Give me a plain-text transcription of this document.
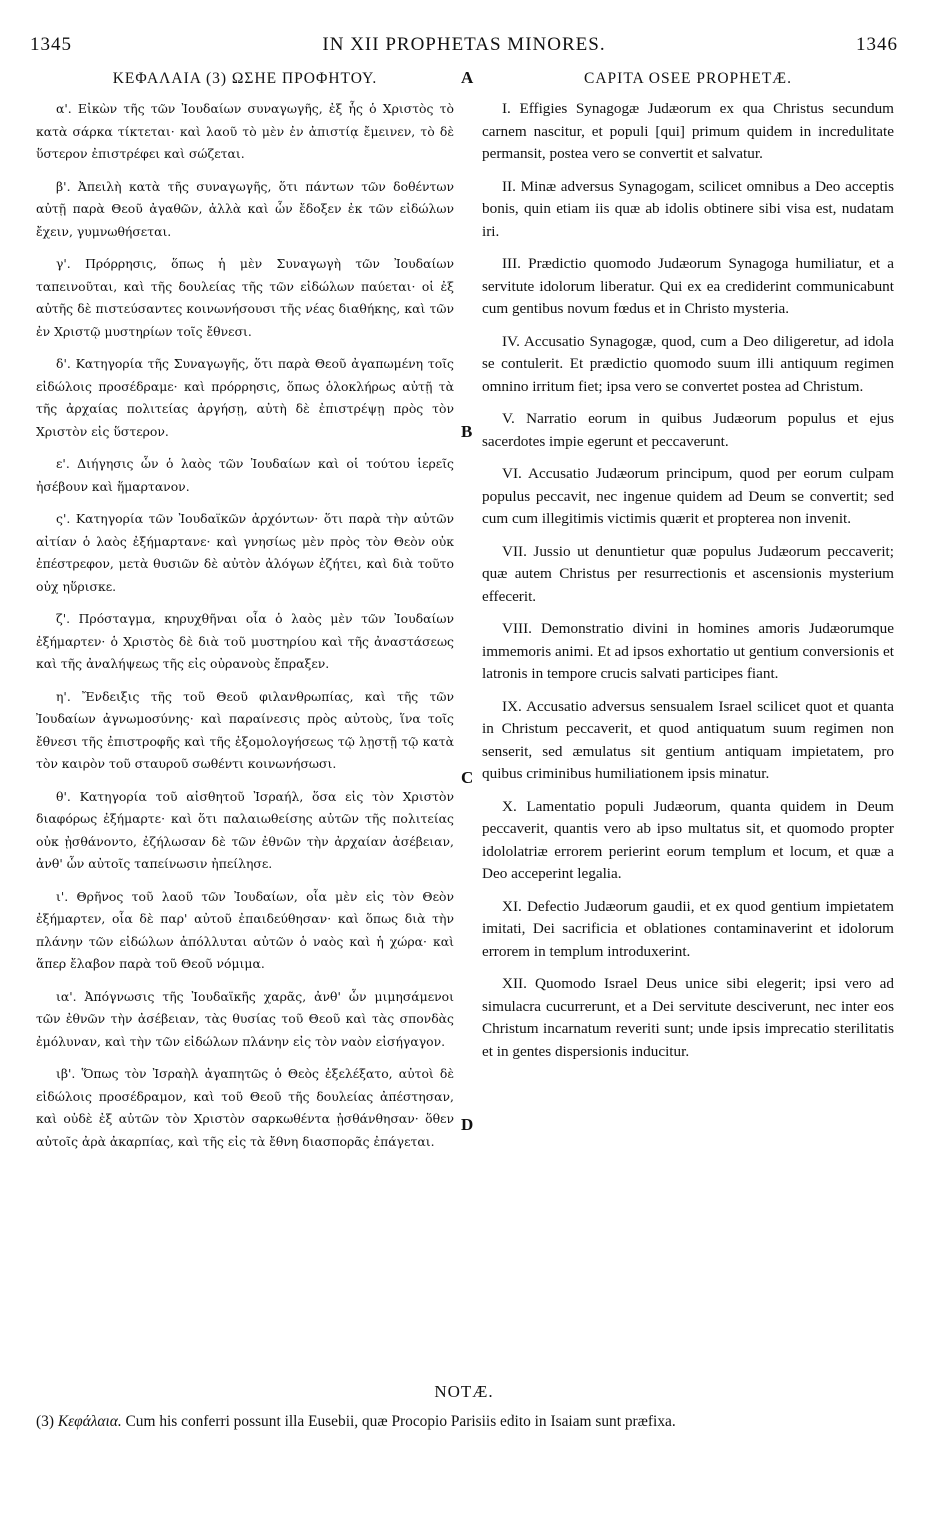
1345	IN XII PROPHETAS MINORES.	1346
ΚΕΦΑΛΑΙΑ (3) ΩΣΗΕ ΠΡΟΦΗΤΟΥ.

α'. Εἰκὼν τῆς τῶν Ἰουδαίων συναγωγῆς, ἐξ ἧς ὁ Χριστὸς τὸ κατὰ σάρκα τίκτεται· καὶ λαοῦ τὸ μὲν ἐν ἀπιστίᾳ ἔμεινεν, τὸ δὲ ὕστερον ἐπιστρέφει καὶ σώζεται.

β'. Ἀπειλὴ κατὰ τῆς συναγωγῆς, ὅτι πάντων τῶν δοθέντων αὐτῇ παρὰ Θεοῦ ἀγαθῶν, ἀλλὰ καὶ ὧν ἔδοξεν ἐκ τῶν εἰδώλων ἔχειν, γυμνωθήσεται.

γ'. Πρόρρησις, ὅπως ἡ μὲν Συναγωγὴ τῶν Ἰουδαίων ταπεινοῦται, καὶ τῆς δουλείας τῆς τῶν εἰδώλων παύεται· οἱ ἐξ αὐτῆς δὲ πιστεύσαντες κοινωνήσουσι τῆς νέας διαθήκης, καὶ τῶν ἐν Χριστῷ μυστηρίων τοῖς ἔθνεσι.

δ'. Κατηγορία τῆς Συναγωγῆς, ὅτι παρὰ Θεοῦ ἀγαπωμένη τοῖς εἰδώλοις προσέδραμε· καὶ πρόρρησις, ὅπως ὁλοκλήρως αὐτῇ τὰ τῆς ἀρχαίας πολιτείας ἀργήσῃ, αὐτὴ δὲ ἐπιστρέψῃ πρὸς τὸν Χριστὸν εἰς ὕστερον.

ε'. Διήγησις ὧν ὁ λαὸς τῶν Ἰουδαίων καὶ οἱ τούτου ἱερεῖς ἠσέβουν καὶ ἥμαρτανον.

ς'. Κατηγορία τῶν Ἰουδαϊκῶν ἀρχόντων· ὅτι παρὰ τὴν αὐτῶν αἰτίαν ὁ λαὸς ἐξήμαρτανε· καὶ γνησίως μὲν πρὸς τὸν Θεὸν οὐκ ἐπέστρεφον, μετὰ θυσιῶν δὲ αὐτὸν ἀλόγων ἐζήτει, καὶ διὰ τοῦτο οὐχ ηὕρισκε.

ζ'. Πρόσταγμα, κηρυχθῆναι οἷα ὁ λαὸς μὲν τῶν Ἰουδαίων ἐξήμαρτεν· ὁ Χριστὸς δὲ διὰ τοῦ μυστηρίου καὶ τῆς ἀναστάσεως καὶ τῆς ἀναλήψεως τῆς εἰς οὐρανοὺς ἔπραξεν.

η'. Ἔνδειξις τῆς τοῦ Θεοῦ φιλανθρωπίας, καὶ τῆς τῶν Ἰουδαίων ἀγνωμοσύνης· καὶ παραίνεσις πρὸς αὐτοὺς, ἵνα τοῖς ἔθνεσι τῆς ἐπιστροφῆς καὶ τῆς ἐξομολογήσεως τῷ λῃστῇ τῷ κατὰ τὸν καιρὸν τοῦ σταυροῦ σωθέντι κοινωνήσωσι.

θ'. Κατηγορία τοῦ αἰσθητοῦ Ἰσραήλ, ὅσα εἰς τὸν Χριστὸν διαφόρως ἐξήμαρτε· καὶ ὅτι παλαιωθείσης αὐτῶν τῆς πολιτείας οὐκ ᾐσθάνοντο, ἐζήλωσαν δὲ τῶν ἐθνῶν τὴν ἀρχαίαν ἀσέβειαν, ἀνθ' ὧν αὐτοῖς ταπείνωσιν ἠπείλησε.

ι'. Θρῆνος τοῦ λαοῦ τῶν Ἰουδαίων, οἷα μὲν εἰς τὸν Θεὸν ἐξήμαρτεν, οἷα δὲ παρ' αὐτοῦ ἐπαιδεύθησαν· καὶ ὅπως διὰ τὴν πλάνην τῶν εἰδώλων ἀπόλλυται αὐτῶν ὁ ναὸς καὶ ἡ χώρα· καὶ ἅπερ ἔλαβον παρὰ τοῦ Θεοῦ νόμιμα.

ια'. Ἀπόγνωσις τῆς Ἰουδαϊκῆς χαρᾶς, ἀνθ' ὧν μιμησάμενοι τῶν ἐθνῶν τὴν ἀσέβειαν, τὰς θυσίας τοῦ Θεοῦ καὶ τὰς σπονδὰς ἐμόλυναν, καὶ τὴν τῶν εἰδώλων πλάνην εἰς τὸν ναὸν εἰσήγαγον.

ιβ'. Ὅπως τὸν Ἰσραὴλ ἀγαπητῶς ὁ Θεὸς ἐξελέξατο, αὐτοὶ δὲ εἰδώλοις προσέδραμον, καὶ τοῦ Θεοῦ τῆς δουλείας ἀπέστησαν, καὶ οὐδὲ ἐξ αὐτῶν τὸν Χριστὸν σαρκωθέντα ᾐσθάνθησαν· ὅθεν αὐτοῖς ἀρὰ ἀκαρπίας, καὶ τῆς εἰς τὰ ἔθνη διασπορᾶς ἐπάγεται.

A
B
C
D
CAPITA OSEE PROPHETÆ.

I. Effigies Synagogæ Judæorum ex qua Christus secundum carnem nascitur, et populi [qui] primum quidem in incredulitate permansit, postea vero se convertit et salvatur.

II. Minæ adversus Synagogam, scilicet omnibus a Deo acceptis bonis, quin etiam iis quæ ab idolis obtinere sibi visa est, nudatam iri.

III. Prædictio quomodo Judæorum Synagoga humiliatur, et a servitute idolorum liberatur. Qui ex ea crediderint communicabunt cum gentibus novum fœdus et in Christo mysteria.

IV. Accusatio Synagogæ, quod, cum a Deo diligeretur, ad idola se contulerit. Et prædictio quomodo suum illi antiquum regimen omnino irritum fiet; ipsa vero se convertet postea ad Christum.

V. Narratio eorum in quibus Judæorum populus et ejus sacerdotes impie egerunt et peccaverunt.

VI. Accusatio Judæorum principum, quod per eorum culpam populus peccavit, nec ingenue quidem ad Deum se convertit; sed cum cum illegitimis victimis quærit et propterea non invenit.

VII. Jussio ut denuntietur quæ populus Judæorum peccaverit; quæ autem Christus per resurrectionis et ascensionis mysterium effecerit.

VIII. Demonstratio divini in homines amoris Judæorumque immemoris animi. Et ad ipsos exhortatio ut gentium conversionis et latronis in tempore crucis salvati participes fiant.

IX. Accusatio adversus sensualem Israel scilicet quot et quanta in Christum peccaverit, et quod antiquatum suum regimen non senserit, sed æmulatus sit gentium antiquam impietatem, pro quibus criminibus humiliationem ipsis minatur.

X. Lamentatio populi Judæorum, quanta quidem in Deum peccaverit, quantis vero ab ipso multatus sit, et quomodo propter idololatriæ errorem perierint eorum templum et locum, et quæ a Deo acceperint legalia.

XI. Defectio Judæorum gaudii, et ex quod gentium impietatem imitati, Dei sacrificia et oblationes contaminaverint et idolorum errorem in templum introduxerint.

XII. Quomodo Israel Deus unice sibi elegerit; ipsi vero ad simulacra cucurrerunt, et a Dei servitute desciverunt, nec inter eos Christum incarnatum reveriti sunt; unde ipsis imprecatio sterilitatis et in gentes dispersionis inducitur.

NOTÆ.
(3) Κεφάλαια. Cum his conferri possunt illa Eusebii, quæ Procopio Parisiis edito in Isaiam sunt præfixa.
